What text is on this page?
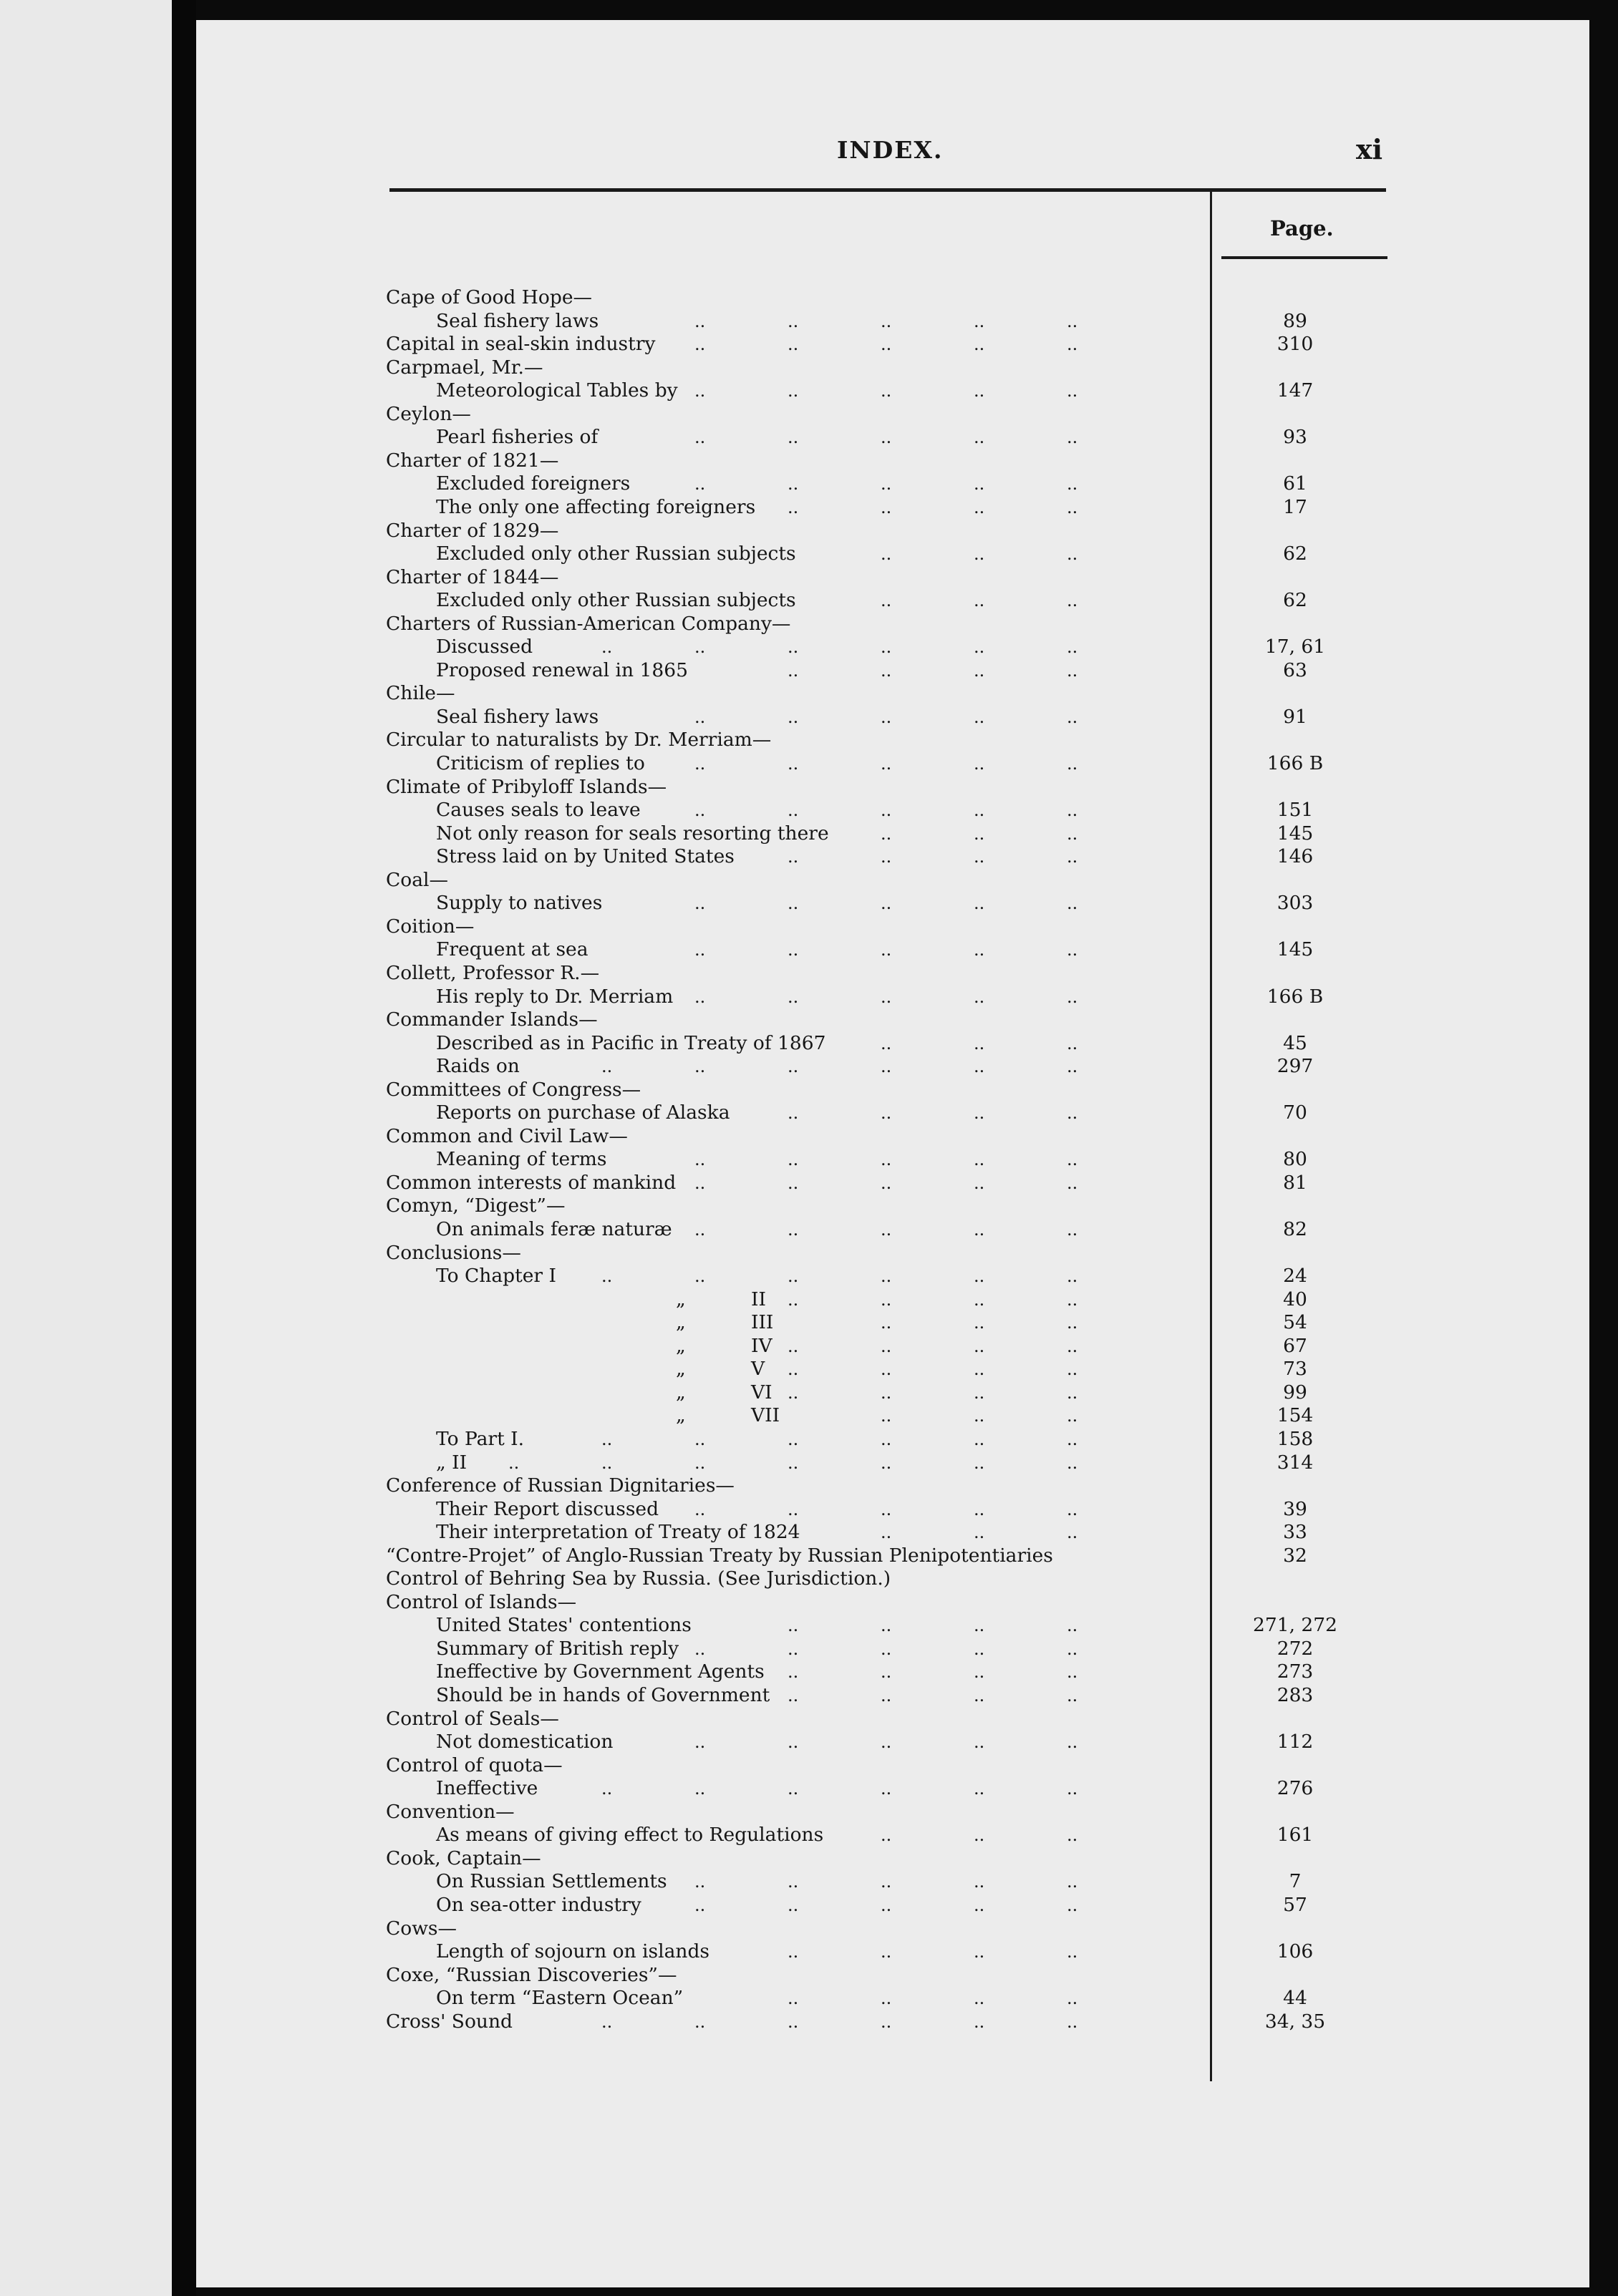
INDEX.	xi
Page.
Cape of Good Hope—
Seal fishery laws	..	..	..	..	..	89
Capital in seal-skin industry ..	..	..	..	..	310
Carpmael, Mr.—
Meteorological Tables by ..	..	..	..	..	147
Ceylon—
Pearl fisheries of	..	..	..	..	..	93
Charter of 1821—
Excluded foreigners	..	..	..	..	..	61
The only one affecting foreigners ..	..	..	..	17
Charter of 1829—
Excluded only other Russian subjects	..	..	..	62
Charter of 1844—
Excluded only other Russian subjects	..	..	..	62
Charters of Russian-American Company—
Discussed	..	..	..	..	..	..	17, 61
Proposed renewal in 1865	..	..	..	..	63
Chile—
Seal fishery laws	..	..	..	..	..	91
Circular to naturalists by Dr. Merriam—
Criticism of replies to	..	..	..	..	..	166 B
Climate of Pribyloff Islands—
Causes seals to leave	..	..	..	..	..	151
Not only reason for seals resorting there	..	..	..	145
Stress laid on by United States	..	..	..	..	146
Coal—
Supply to natives	..	..	..	..	..	303
Coition—
Frequent at sea	..	..	..	..	..	145
Collett, Professor R.—
His reply to Dr. Merriam ..	..	..	..	..	166 B
Commander Islands—
Described as in Pacific in Treaty of 1867	..	..	..	45
Raids on	..	..	..	..	..	..	297
Committees of Congress—
Reports on purchase of Alaska	..	..	..	..	70
Common and Civil Law—
Meaning of terms	..	..	..	..	..	80
Common interests of mankind ..	..	..	..	..	81
Comyn, “Digest”—
On animals feræ naturæ ..	..	..	..	..	82
Conclusions—
To Chapter I	..	..	..	..	..	..	24
„	II ..	..	..	..	40
„	III	..	..	..	54
„	IV ..	..	..	..	67
„	V ..	..	..	..	73
„	VI ..	..	..	..	99
„	VII	..	..	..	154
To Part I.	..	..	..	..	..	..	158
„ II ..	..	..	..	..	..	..	314
Conference of Russian Dignitaries—
Their Report discussed ..	..	..	..	..	39
Their interpretation of Treaty of 1824	..	..	..	33
“Contre-Projet” of Anglo-Russian Treaty by Russian Plenipotentiaries	32
Control of Behring Sea by Russia. (See Jurisdiction.)
Control of Islands—
United States' contentions	..	..	..	..	271, 272
Summary of British reply ..	..	..	..	..	272
Ineffective by Government Agents ..	..	..	..	273
Should be in hands of Government ..	..	..	..	283
Control of Seals—
Not domestication	..	..	..	..	..	112
Control of quota—
Ineffective	..	..	..	..	..	..	276
Convention—
As means of giving effect to Regulations	..	..	..	161
Cook, Captain—
On Russian Settlements ..	..	..	..	..	7
On sea-otter industry	..	..	..	..	..	57
Cows—
Length of sojourn on islands	..	..	..	..	106
Coxe, “Russian Discoveries”—
On term “Eastern Ocean”	..	..	..	..	44
Cross' Sound	..	..	..	..	..	..	34, 35
